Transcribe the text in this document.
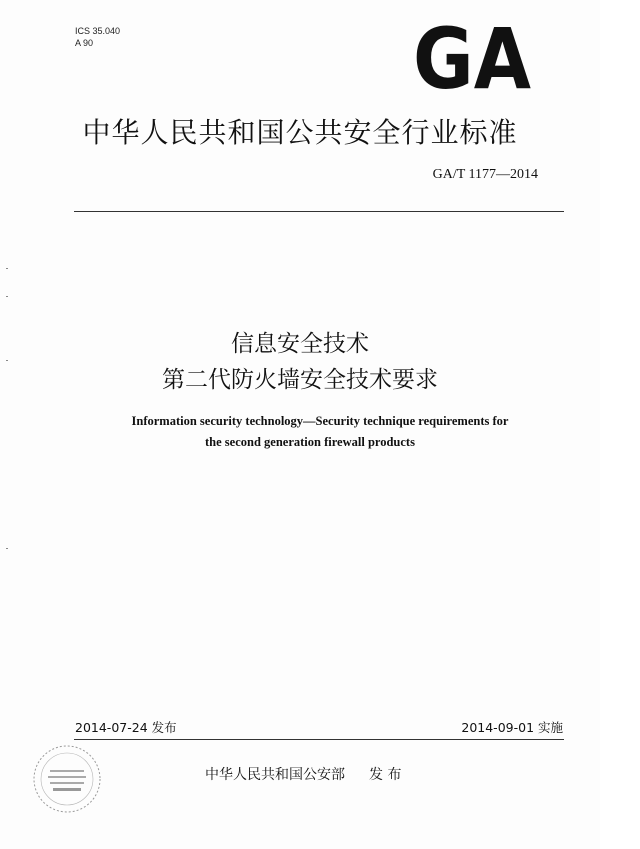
ICS 35.040
A 90	GA
中华人民共和国公共安全行业标准
GA/T 1177—2014
信息安全技术
第二代防火墙安全技术要求
Information security technology—Security technique requirements for
the second generation firewall products
2014-07-24 发布	2014-09-01 实施
中华人民共和国公安部 发 布
